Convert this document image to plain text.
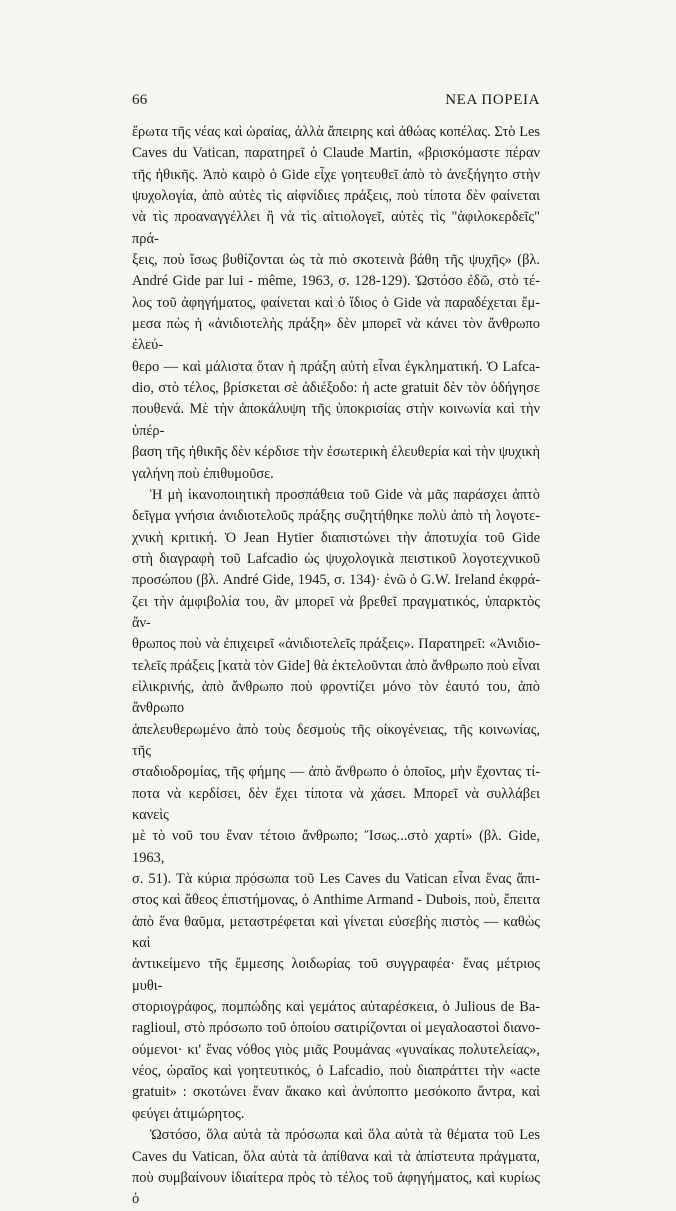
66	ΝΕΑ ΠΟΡΕΙΑ
ἔρωτα τῆς νέας καὶ ὡραίας, ἀλλὰ ἄπειρης καὶ ἀθώας κοπέλας. Στὸ Les
Caves du Vatican, παρατηρεῖ ὁ Claude Martin, «βρισκόμαστε πέραν
τῆς ἠθικῆς. Ἀπὸ καιρὸ ὁ Gide εἶχε γοητευθεῖ ἀπὸ τὸ ἀνεξήγητο στὴν
ψυχολογία, ἀπὸ αὐτὲς τὶς αἰφνίδιες πράξεις, ποὺ τίποτα δὲν φαίνεται
νὰ τὶς προαναγγέλλει ἢ νὰ τὶς αἰτιολογεῖ, αὐτὲς τὶς "ἀφιλοκερδεῖς" πρά-
ξεις, ποὺ ἴσως βυθίζονται ὡς τὰ πιὸ σκοτεινὰ βάθη τῆς ψυχῆς» (βλ.
André Gide par lui - même, 1963, σ. 128-129). Ὡστόσο ἐδῶ, στὸ τέ-
λος τοῦ ἀφηγήματος, φαίνεται καὶ ὁ ἴδιος ὁ Gide νὰ παραδέχεται ἔμ-
μεσα πὼς ἡ «ἀνιδιοτελὴς πράξη» δὲν μπορεῖ νὰ κάνει τὸν ἄνθρωπο ἐλεύ-
θερο — καὶ μάλιστα ὅταν ἡ πράξη αὐτὴ εἶναι ἐγκληματική. Ὁ Lafca-
dio, στὸ τέλος, βρίσκεται σὲ ἀδιέξοδο: ἡ acte gratuit δὲν τὸν ὁδήγησε
πουθενά. Μὲ τὴν ἀποκάλυψη τῆς ὑποκρισίας στὴν κοινωνία καὶ τὴν ὑπέρ-
βαση τῆς ἠθικῆς δὲν κέρδισε τὴν ἐσωτερικὴ ἐλευθερία καὶ τὴν ψυχικὴ
γαλήνη ποὺ ἐπιθυμοῦσε.
Ἡ μὴ ἱκανοποιητικὴ προσπάθεια τοῦ Gide νὰ μᾶς παράσχει ἀπτὸ
δεῖγμα γνήσια ἀνιδιοτελοῦς πράξης συζητήθηκε πολὺ ἀπὸ τὴ λογοτε-
χνικὴ κριτική. Ὁ Jean Hytier διαπιστώνει τὴν ἀποτυχία τοῦ Gide
στὴ διαγραφὴ τοῦ Lafcadio ὡς ψυχολογικὰ πειστικοῦ λογοτεχνικοῦ
προσώπου (βλ. André Gide, 1945, σ. 134)· ἐνῶ ὁ G.W. Ireland ἐκφρά-
ζει τὴν ἀμφιβολία του, ἂν μπορεῖ νὰ βρεθεῖ πραγματικός, ὑπαρκτὸς ἄν-
θρωπος ποὺ νὰ ἐπιχειρεῖ «ἀνιδιοτελεῖς πράξεις». Παρατηρεῖ: «Ἀνιδιο-
τελεῖς πράξεις [κατὰ τὸν Gide] θὰ ἐκτελοῦνται ἀπὸ ἄνθρωπο ποὺ εἶναι
εἰλικρινής, ἀπὸ ἄνθρωπο ποὺ φροντίζει μόνο τὸν ἑαυτό του, ἀπὸ ἄνθρωπο
ἀπελευθερωμένο ἀπὸ τοὺς δεσμοὺς τῆς οἰκογένειας, τῆς κοινωνίας, τῆς
σταδιοδρομίας, τῆς φήμης — ἀπὸ ἄνθρωπο ὁ ὁποῖος, μὴν ἔχοντας τί-
ποτα νὰ κερδίσει, δὲν ἔχει τίποτα νὰ χάσει. Μπορεῖ νὰ συλλάβει κανεὶς
μὲ τὸ νοῦ του ἕναν τέτοιο ἄνθρωπο; Ἴσως...στὸ χαρτί» (βλ. Gide, 1963,
σ. 51). Τὰ κύρια πρόσωπα τοῦ Les Caves du Vatican εἶναι ἕνας ἄπι-
στος καὶ ἄθεος ἐπιστήμονας, ὁ Anthime Armand - Dubois, ποὺ, ἔπειτα
ἀπὸ ἕνα θαῦμα, μεταστρέφεται καὶ γίνεται εὐσεβὴς πιστὸς — καθὼς καὶ
ἀντικείμενο τῆς ἔμμεσης λοιδωρίας τοῦ συγγραφέα· ἕνας μέτριος μυθι-
στοριογράφος, πομπώδης καὶ γεμάτος αὐταρέσκεια, ὁ Julious de Ba-
raglioul, στὸ πρόσωπο τοῦ ὁποίου σατιρίζονται οἱ μεγαλοαστοὶ διανο-
ούμενοι· κι' ἕνας νόθος γιὸς μιᾶς Ρουμάνας «γυναίκας πολυτελείας»,
νέος, ὡραῖος καὶ γοητευτικός, ὁ Lafcadio, ποὺ διαπράττει τὴν «acte
gratuit» : σκοτώνει ἕναν ἄκακο καὶ ἀνύποπτο μεσόκοπο ἄντρα, καὶ
φεύγει ἀτιμώρητος.
Ὡστόσο, ὅλα αὐτὰ τὰ πρόσωπα καὶ ὅλα αὐτὰ τὰ θέματα τοῦ Les
Caves du Vatican, ὅλα αὐτὰ τὰ ἀπίθανα καὶ τὰ ἀπίστευτα πράγματα,
ποὺ συμβαίνουν ἰδιαίτερα πρὸς τὸ τέλος τοῦ ἀφηγήματος, καὶ κυρίως ὁ
